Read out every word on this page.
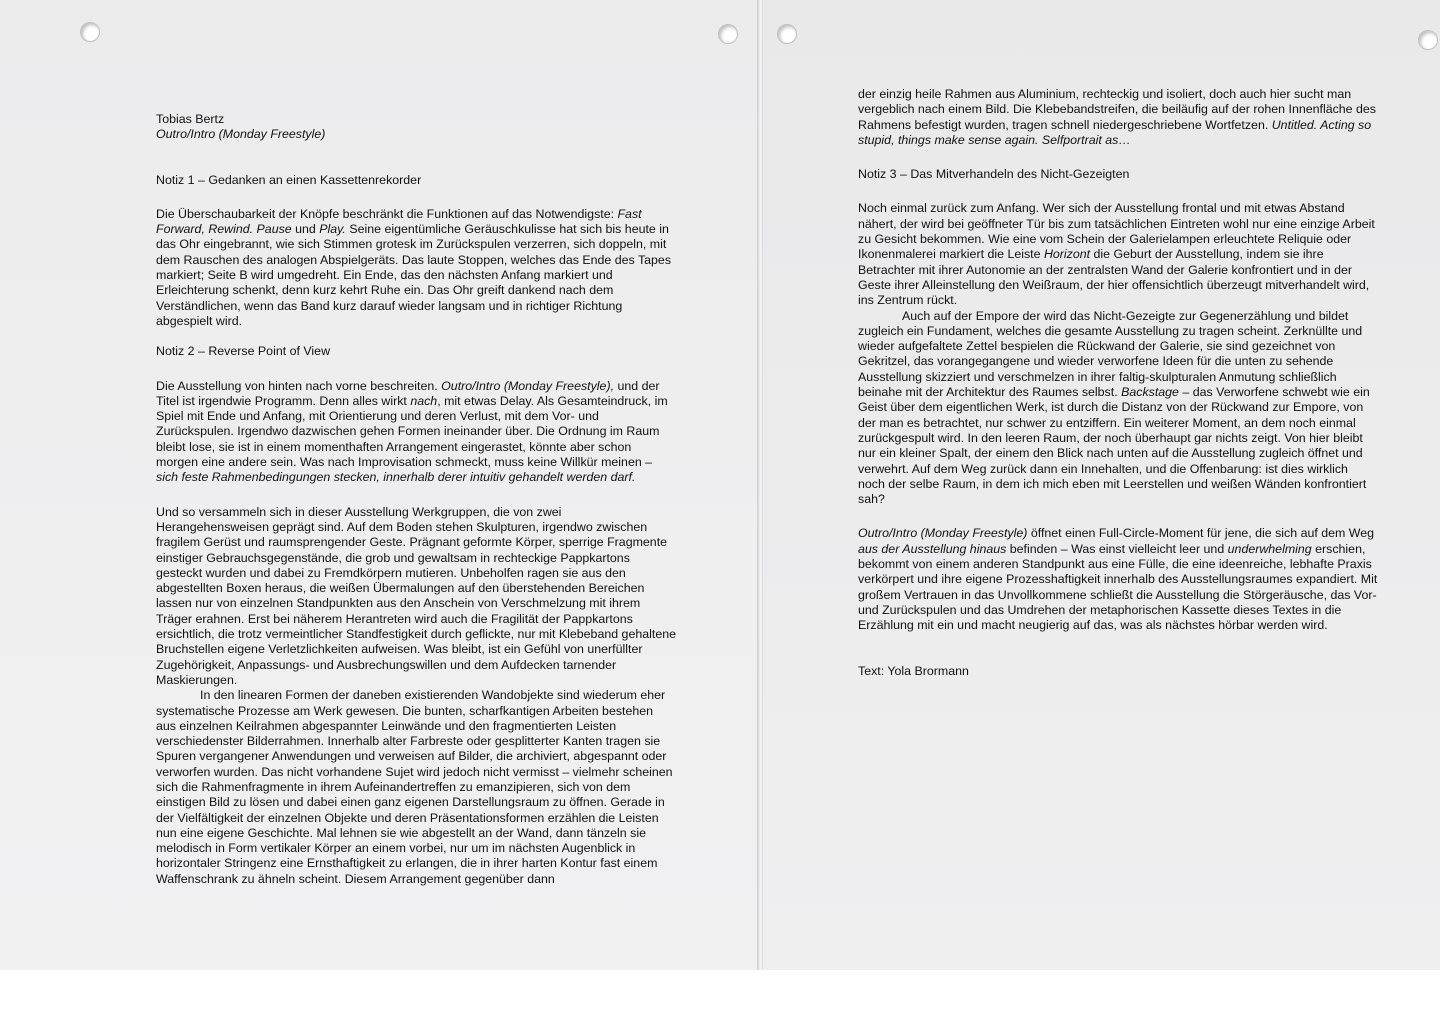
Tobias Bertz

Outro/Intro (Monday Freestyle)

Notiz 1 – Gedanken an einen Kassettenrekorder

Die Überschaubarkeit der Knöpfe beschränkt die Funktionen auf das Notwendigste: Fast Forward, Rewind. Pause und Play. Seine eigentümliche Geräuschkulisse hat sich bis heute in das Ohr eingebrannt, wie sich Stimmen grotesk im Zurückspulen verzerren, sich doppeln, mit dem Rauschen des analogen Abspielgeräts. Das laute Stoppen, welches das Ende des Tapes markiert; Seite B wird umgedreht. Ein Ende, das den nächsten Anfang markiert und Erleichterung schenkt, denn kurz kehrt Ruhe ein. Das Ohr greift dankend nach dem Verständlichen, wenn das Band kurz darauf wieder langsam und in richtiger Richtung abgespielt wird.

Notiz 2 – Reverse Point of View

Die Ausstellung von hinten nach vorne beschreiten. Outro/Intro (Monday Freestyle), und der Titel ist irgendwie Programm. Denn alles wirkt nach, mit etwas Delay. Als Gesamteindruck, im Spiel mit Ende und Anfang, mit Orientierung und deren Verlust, mit dem Vor- und Zurückspulen. Irgendwo dazwischen gehen Formen ineinander über. Die Ordnung im Raum bleibt lose, sie ist in einem momenthaften Arrangement eingerastet, könnte aber schon morgen eine andere sein. Was nach Improvisation schmeckt, muss keine Willkür meinen – sich feste Rahmenbedingungen stecken, innerhalb derer intuitiv gehandelt werden darf.

Und so versammeln sich in dieser Ausstellung Werkgruppen, die von zwei Herangehensweisen geprägt sind. Auf dem Boden stehen Skulpturen, irgendwo zwischen fragilem Gerüst und raumsprengender Geste. Prägnant geformte Körper, sperrige Fragmente einstiger Gebrauchsgegenstände, die grob und gewaltsam in rechteckige Pappkartons gesteckt wurden und dabei zu Fremdkörpern mutieren. Unbeholfen ragen sie aus den abgestellten Boxen heraus, die weißen Übermalungen auf den überstehenden Bereichen lassen nur von einzelnen Standpunkten aus den Anschein von Verschmelzung mit ihrem Träger erahnen. Erst bei näherem Herantreten wird auch die Fragilität der Pappkartons ersichtlich, die trotz vermeintlicher Standfestigkeit durch geflickte, nur mit Klebeband gehaltene Bruchstellen eigene Verletzlichkeiten aufweisen. Was bleibt, ist ein Gefühl von unerfüllter Zugehörigkeit, Anpassungs- und Ausbrechungswillen und dem Aufdecken tarnender Maskierungen.

In den linearen Formen der daneben existierenden Wandobjekte sind wiederum eher systematische Prozesse am Werk gewesen. Die bunten, scharfkantigen Arbeiten bestehen aus einzelnen Keilrahmen abgespannter Leinwände und den fragmentierten Leisten verschiedenster Bilderrahmen. Innerhalb alter Farbreste oder gesplitterter Kanten tragen sie Spuren vergangener Anwendungen und verweisen auf Bilder, die archiviert, abgespannt oder verworfen wurden. Das nicht vorhandene Sujet wird jedoch nicht vermisst – vielmehr scheinen sich die Rahmenfragmente in ihrem Aufeinandertreffen zu emanzipieren, sich von dem einstigen Bild zu lösen und dabei einen ganz eigenen Darstellungsraum zu öffnen. Gerade in der Vielfältigkeit der einzelnen Objekte und deren Präsentationsformen erzählen die Leisten nun eine eigene Geschichte. Mal lehnen sie wie abgestellt an der Wand, dann tänzeln sie melodisch in Form vertikaler Körper an einem vorbei, nur um im nächsten Augenblick in horizontaler Stringenz eine Ernsthaftigkeit zu erlangen, die in ihrer harten Kontur fast einem Waffenschrank zu ähneln scheint. Diesem Arrangement gegenüber dann

der einzig heile Rahmen aus Aluminium, rechteckig und isoliert, doch auch hier sucht man vergeblich nach einem Bild. Die Klebebandstreifen, die beiläufig auf der rohen Innenfläche des Rahmens befestigt wurden, tragen schnell niedergeschriebene Wortfetzen. Untitled. Acting so stupid, things make sense again. Selfportrait as…

Notiz 3 – Das Mitverhandeln des Nicht-Gezeigten

Noch einmal zurück zum Anfang. Wer sich der Ausstellung frontal und mit etwas Abstand nähert, der wird bei geöffneter Tür bis zum tatsächlichen Eintreten wohl nur eine einzige Arbeit zu Gesicht bekommen. Wie eine vom Schein der Galerielampen erleuchtete Reliquie oder Ikonenmalerei markiert die Leiste Horizont die Geburt der Ausstellung, indem sie ihre Betrachter mit ihrer Autonomie an der zentralsten Wand der Galerie konfrontiert und in der Geste ihrer Alleinstellung den Weißraum, der hier offensichtlich überzeugt mitverhandelt wird, ins Zentrum rückt.

Auch auf der Empore der wird das Nicht-Gezeigte zur Gegenerzählung und bildet zugleich ein Fundament, welches die gesamte Ausstellung zu tragen scheint. Zerknüllte und wieder aufgefaltete Zettel bespielen die Rückwand der Galerie, sie sind gezeichnet von Gekritzel, das vorangegangene und wieder verworfene Ideen für die unten zu sehende Ausstellung skizziert und verschmelzen in ihrer faltig-skulpturalen Anmutung schließlich beinahe mit der Architektur des Raumes selbst. Backstage – das Verworfene schwebt wie ein Geist über dem eigentlichen Werk, ist durch die Distanz von der Rückwand zur Empore, von der man es betrachtet, nur schwer zu entziffern. Ein weiterer Moment, an dem noch einmal zurückgespult wird. In den leeren Raum, der noch überhaupt gar nichts zeigt. Von hier bleibt nur ein kleiner Spalt, der einem den Blick nach unten auf die Ausstellung zugleich öffnet und verwehrt. Auf dem Weg zurück dann ein Innehalten, und die Offenbarung: ist dies wirklich noch der selbe Raum, in dem ich mich eben mit Leerstellen und weißen Wänden konfrontiert sah?

Outro/Intro (Monday Freestyle) öffnet einen Full-Circle-Moment für jene, die sich auf dem Weg aus der Ausstellung hinaus befinden – Was einst vielleicht leer und underwhelming erschien, bekommt von einem anderen Standpunkt aus eine Fülle, die eine ideenreiche, lebhafte Praxis verkörpert und ihre eigene Prozesshaftigkeit innerhalb des Ausstellungsraumes expandiert. Mit großem Vertrauen in das Unvollkommene schließt die Ausstellung die Störgeräusche, das Vor- und Zurückspulen und das Umdrehen der metaphorischen Kassette dieses Textes in die Erzählung mit ein und macht neugierig auf das, was als nächstes hörbar werden wird.

Text: Yola Brormann
